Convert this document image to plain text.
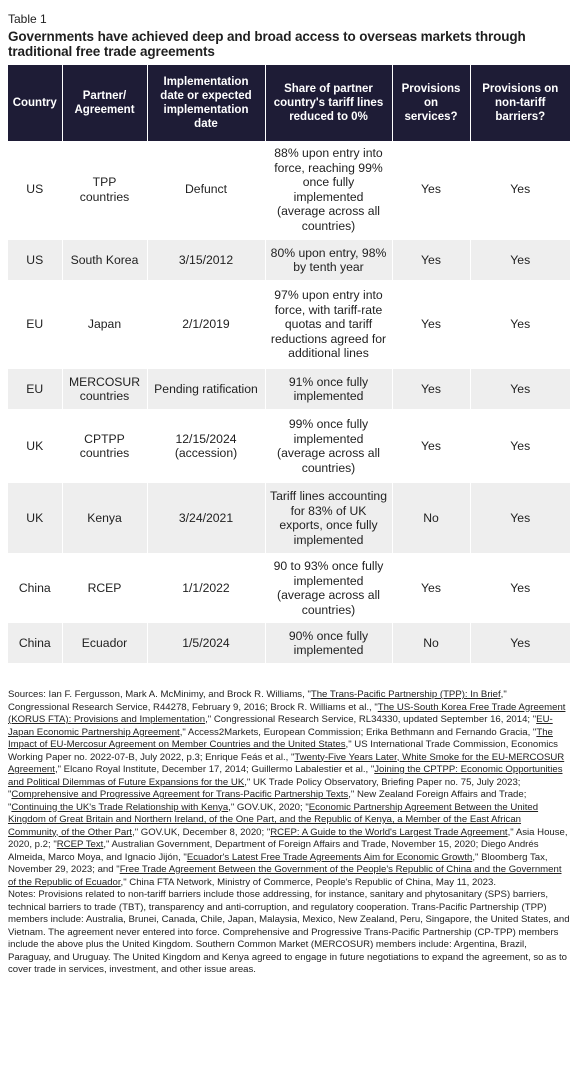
Table 1
Governments have achieved deep and broad access to overseas markets through traditional free trade agreements
Country	Partner/ Agreement	Implementation date or expected implementation date	Share of partner country's tariff lines reduced to 0%	Provisions on services?	Provisions on non-tariff barriers?
US	TPP countries	Defunct	88% upon entry into force, reaching 99% once fully implemented (average across all countries)	Yes	Yes
US	South Korea	3/15/2012	80% upon entry, 98% by tenth year	Yes	Yes
EU	Japan	2/1/2019	97% upon entry into force, with tariff-rate quotas and tariff reductions agreed for additional lines	Yes	Yes
EU	MERCOSUR countries	Pending ratification	91% once fully implemented	Yes	Yes
UK	CPTPP countries	12/15/2024 (accession)	99% once fully implemented (average across all countries)	Yes	Yes
UK	Kenya	3/24/2021	Tariff lines accounting for 83% of UK exports, once fully implemented	No	Yes
China	RCEP	1/1/2022	90 to 93% once fully implemented (average across all countries)	Yes	Yes
China	Ecuador	1/5/2024	90% once fully implemented	No	Yes
Sources: Ian F. Fergusson, Mark A. McMinimy, and Brock R. Williams, "The Trans-Pacific Partnership (TPP): In Brief," Congressional Research Service, R44278, February 9, 2016; Brock R. Williams et al., "The US-South Korea Free Trade Agreement (KORUS FTA): Provisions and Implementation," Congressional Research Service, RL34330, updated September 16, 2014; "EU-Japan Economic Partnership Agreement," Access2Markets, European Commission; Erika Bethmann and Fernando Gracia, "The Impact of EU-Mercosur Agreement on Member Countries and the United States," US International Trade Commission, Economics Working Paper no. 2022-07-B, July 2022, p.3; Enrique Feás et al., "Twenty-Five Years Later, White Smoke for the EU-MERCOSUR Agreement," Elcano Royal Institute, December 17, 2014; Guillermo Labalestier et al., "Joining the CPTPP: Economic Opportunities and Political Dilemmas of Future Expansions for the UK," UK Trade Policy Observatory, Briefing Paper no. 75, July 2023; "Comprehensive and Progressive Agreement for Trans-Pacific Partnership Texts," New Zealand Foreign Affairs and Trade; "Continuing the UK's Trade Relationship with Kenya," GOV.UK, 2020; "Economic Partnership Agreement Between the United Kingdom of Great Britain and Northern Ireland, of the One Part, and the Republic of Kenya, a Member of the East African Community, of the Other Part," GOV.UK, December 8, 2020; "RCEP: A Guide to the World's Largest Trade Agreement," Asia House, 2020, p.2; "RCEP Text," Australian Government, Department of Foreign Affairs and Trade, November 15, 2020; Diego Andrés Almeida, Marco Moya, and Ignacio Jijón, "Ecuador's Latest Free Trade Agreements Aim for Economic Growth," Bloomberg Tax, November 29, 2023; and "Free Trade Agreement Between the Government of the People's Republic of China and the Government of the Republic of Ecuador," China FTA Network, Ministry of Commerce, People's Republic of China, May 11, 2023.
Notes: Provisions related to non-tariff barriers include those addressing, for instance, sanitary and phytosanitary (SPS) barriers, technical barriers to trade (TBT), transparency and anti-corruption, and regulatory cooperation. Trans-Pacific Partnership (TPP) members include: Australia, Brunei, Canada, Chile, Japan, Malaysia, Mexico, New Zealand, Peru, Singapore, the United States, and Vietnam. The agreement never entered into force. Comprehensive and Progressive Trans-Pacific Partnership (CP-TPP) members include the above plus the United Kingdom. Southern Common Market (MERCOSUR) members include: Argentina, Brazil, Paraguay, and Uruguay. The United Kingdom and Kenya agreed to engage in future negotiations to expand the agreement, so as to cover trade in services, investment, and other issue areas.
